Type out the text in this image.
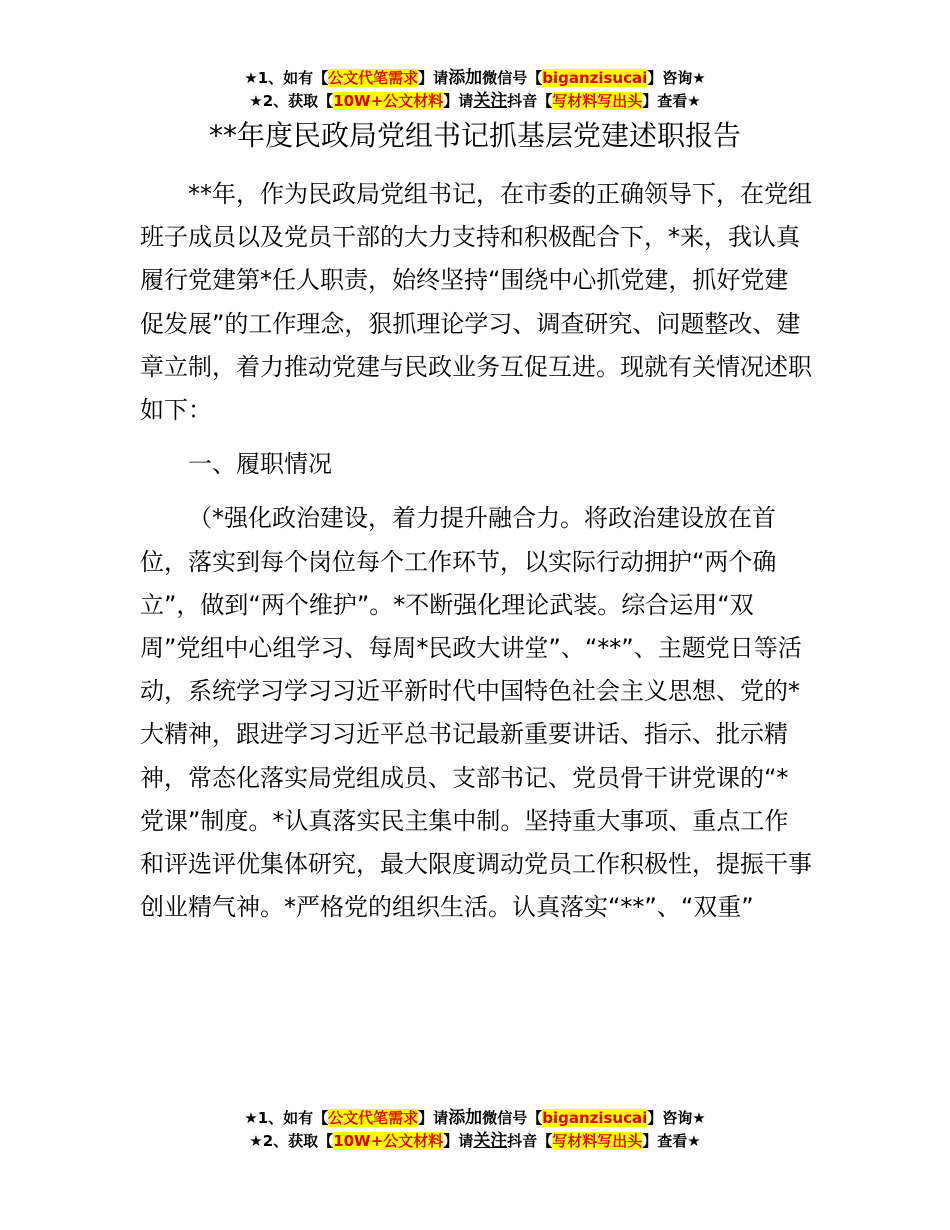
★1、如有【公文代笔需求】请添加微信号【biganzisucai】咨询★
★2、获取【10W+公文材料】请关注抖音【写材料写出头】查看★
**年度民政局党组书记抓基层党建述职报告

**年，作为民政局党组书记，在市委的正确领导下，在党组班子成员以及党员干部的大力支持和积极配合下，*来，我认真履行党建第*任人职责，始终坚持“围绕中心抓党建，抓好党建促发展”的工作理念，狠抓理论学习、调查研究、问题整改、建章立制，着力推动党建与民政业务互促互进。现就有关情况述职如下：

一、履职情况

（*强化政治建设，着力提升融合力。将政治建设放在首位，落实到每个岗位每个工作环节，以实际行动拥护“两个确立”，做到“两个维护”。*不断强化理论武装。综合运用“双周”党组中心组学习、每周*民政大讲堂”、“**”、主题党日等活动，系统学习学习习近平新时代中国特色社会主义思想、党的*大精神，跟进学习习近平总书记最新重要讲话、指示、批示精神，常态化落实局党组成员、支部书记、党员骨干讲党课的“*党课”制度。*认真落实民主集中制。坚持重大事项、重点工作和评选评优集体研究，最大限度调动党员工作积极性，提振干事创业精气神。*严格党的组织生活。认真落实“**”、“双重”

★1、如有【公文代笔需求】请添加微信号【biganzisucai】咨询★
★2、获取【10W+公文材料】请关注抖音【写材料写出头】查看★
